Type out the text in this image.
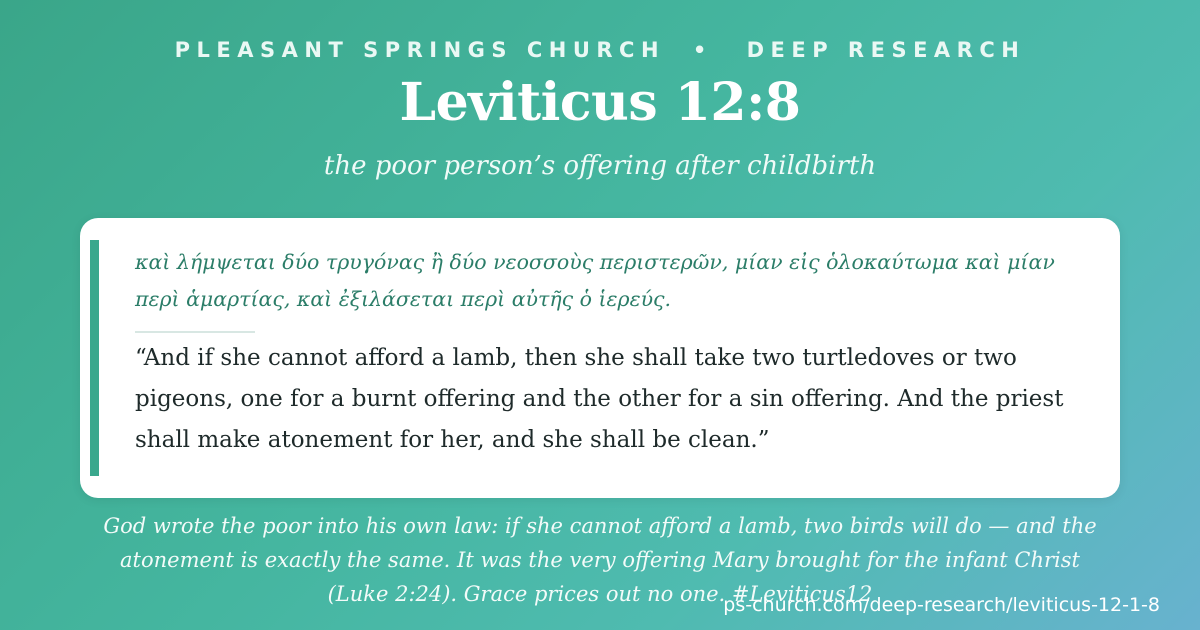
PLEASANT SPRINGS CHURCH • DEEP RESEARCH
Leviticus 12:8
the poor person’s offering after childbirth
καὶ λήμψεται δύο τρυγόνας ἢ δύο νεοσσοὺς περιστερῶν, μίαν εἰς ὁλοκαύτωμα καὶ μίαν περὶ ἁμαρτίας, καὶ ἐξιλάσεται περὶ αὐτῆς ὁ ἱερεύς.
“And if she cannot afford a lamb, then she shall take two turtledoves or two pigeons, one for a burnt offering and the other for a sin offering. And the priest shall make atonement for her, and she shall be clean.”
God wrote the poor into his own law: if she cannot afford a lamb, two birds will do — and the atonement is exactly the same. It was the very offering Mary brought for the infant Christ (Luke 2:24). Grace prices out no one. #Leviticus12
ps-church.com/deep-research/leviticus-12-1-8
